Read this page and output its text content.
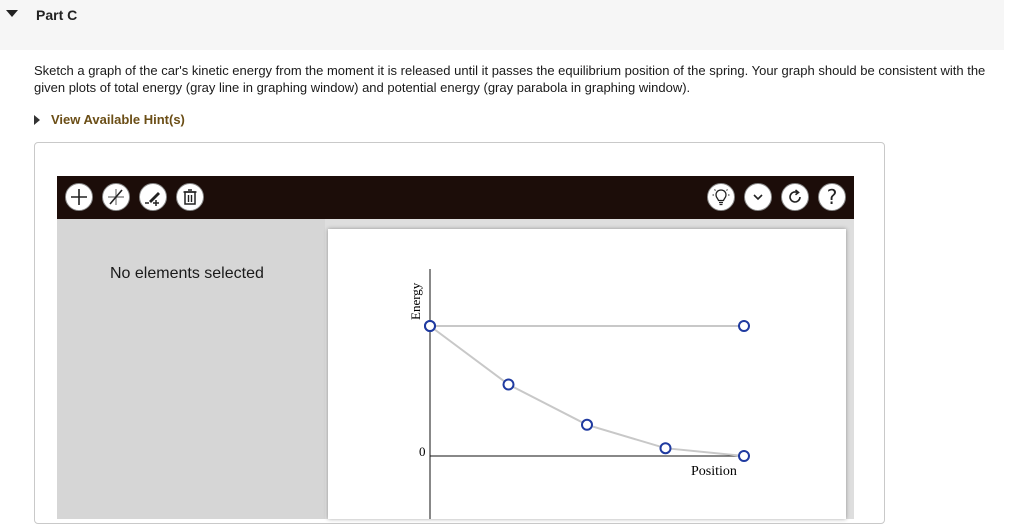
Part C
Sketch a graph of the car's kinetic energy from the moment it is released until it passes the equilibrium position of the spring. Your graph should be consistent with the given plots of total energy (gray line in graphing window) and potential energy (gray parabola in graphing window).
View Available Hint(s)
?
No elements selected
Energy
Position
0
